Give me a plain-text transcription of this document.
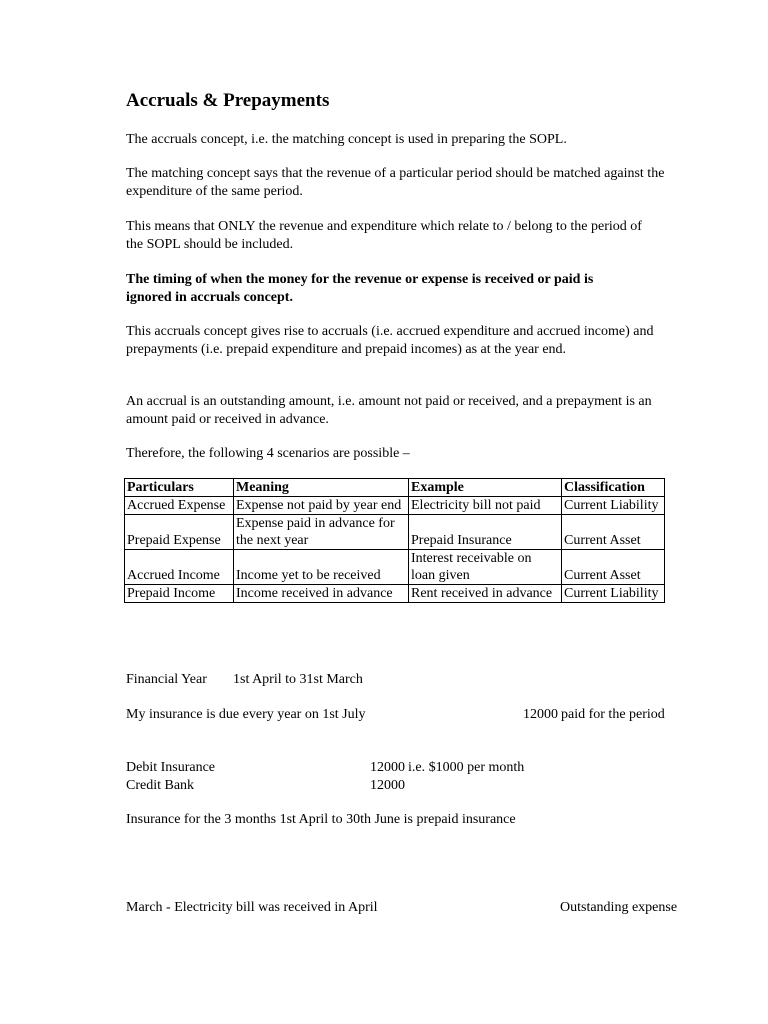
Accruals & Prepayments
The accruals concept, i.e. the matching concept is used in preparing the SOPL.
The matching concept says that the revenue of a particular period should be matched against the expenditure of the same period.
This means that ONLY the revenue and expenditure which relate to / belong to the period of the SOPL should be included.
The timing of when the money for the revenue or expense is received or paid is ignored in accruals concept.
This accruals concept gives rise to accruals (i.e. accrued expenditure and accrued income) and prepayments (i.e. prepaid expenditure and prepaid incomes) as at the year end.
An accrual is an outstanding amount, i.e. amount not paid or received, and a prepayment is an amount paid or received in advance.
Therefore, the following 4 scenarios are possible –
Particulars	Meaning	Example	Classification
Accrued Expense	Expense not paid by year end	Electricity bill not paid	Current Liability
Prepaid Expense	Expense paid in advance for the next year	Prepaid Insurance	Current Asset
Accrued Income	Income yet to be received	Interest receivable on loan given	Current Asset
Prepaid Income	Income received in advance	Rent received in advance	Current Liability
Financial Year 1st April to 31st March
My insurance is due every year on 1st July	12000 paid for the period
Debit Insurance	12000 i.e. $1000 per month
Credit Bank	12000
Insurance for the 3 months 1st April to 30th June is prepaid insurance
March - Electricity bill was received in April	Outstanding expense
